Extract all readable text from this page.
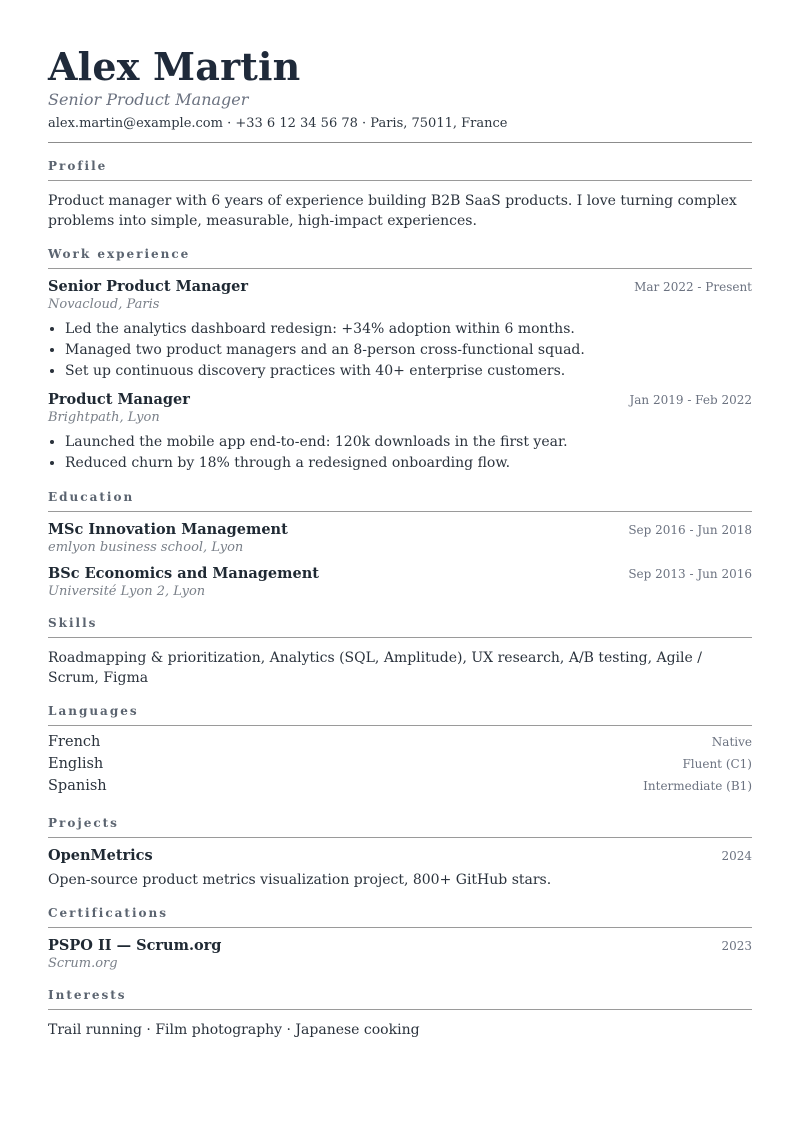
Alex Martin
Senior Product Manager
alex.martin@example.com · +33 6 12 34 56 78 · Paris, 75011, France
Profile
Product manager with 6 years of experience building B2B SaaS products. I love turning complex problems into simple, measurable, high-impact experiences.
Work experience
Senior Product Manager	Mar 2022 - Present
Novacloud, Paris
• Led the analytics dashboard redesign: +34% adoption within 6 months.
• Managed two product managers and an 8-person cross-functional squad.
• Set up continuous discovery practices with 40+ enterprise customers.
Product Manager	Jan 2019 - Feb 2022
Brightpath, Lyon
• Launched the mobile app end-to-end: 120k downloads in the first year.
• Reduced churn by 18% through a redesigned onboarding flow.
Education
MSc Innovation Management	Sep 2016 - Jun 2018
emlyon business school, Lyon
BSc Economics and Management	Sep 2013 - Jun 2016
Université Lyon 2, Lyon
Skills
Roadmapping & prioritization, Analytics (SQL, Amplitude), UX research, A/B testing, Agile / Scrum, Figma
Languages
French	Native
English	Fluent (C1)
Spanish	Intermediate (B1)
Projects
OpenMetrics	2024
Open-source product metrics visualization project, 800+ GitHub stars.
Certifications
PSPO II — Scrum.org	2023
Scrum.org
Interests
Trail running · Film photography · Japanese cooking
